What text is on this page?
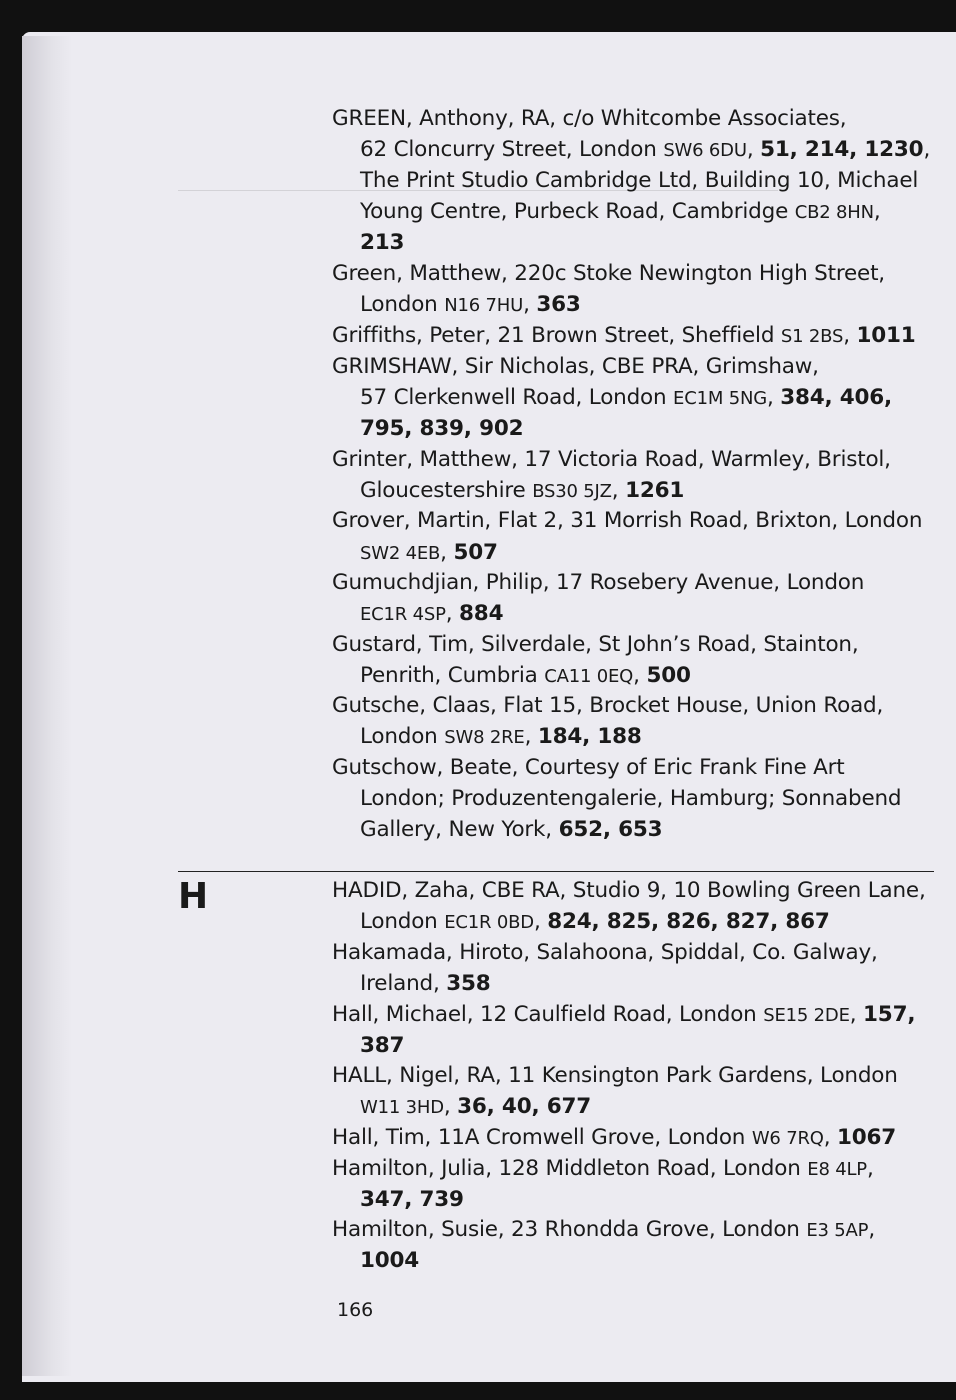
GREEN, Anthony, RA, c/o Whitcombe Associates,
62 Cloncurry Street, London SW6 6DU, 51, 214, 1230,
The Print Studio Cambridge Ltd, Building 10, Michael
Young Centre, Purbeck Road, Cambridge CB2 8HN,
213
Green, Matthew, 220c Stoke Newington High Street,
London N16 7HU, 363
Griffiths, Peter, 21 Brown Street, Sheffield S1 2BS, 1011
GRIMSHAW, Sir Nicholas, CBE PRA, Grimshaw,
57 Clerkenwell Road, London EC1M 5NG, 384, 406,
795, 839, 902
Grinter, Matthew, 17 Victoria Road, Warmley, Bristol,
Gloucestershire BS30 5JZ, 1261
Grover, Martin, Flat 2, 31 Morrish Road, Brixton, London
SW2 4EB, 507
Gumuchdjian, Philip, 17 Rosebery Avenue, London
EC1R 4SP, 884
Gustard, Tim, Silverdale, St John’s Road, Stainton,
Penrith, Cumbria CA11 0EQ, 500
Gutsche, Claas, Flat 15, Brocket House, Union Road,
London SW8 2RE, 184, 188
Gutschow, Beate, Courtesy of Eric Frank Fine Art
London; Produzentengalerie, Hamburg; Sonnabend
Gallery, New York, 652, 653
HADID, Zaha, CBE RA, Studio 9, 10 Bowling Green Lane,
London EC1R 0BD, 824, 825, 826, 827, 867
Hakamada, Hiroto, Salahoona, Spiddal, Co. Galway,
Ireland, 358
Hall, Michael, 12 Caulfield Road, London SE15 2DE, 157,
387
HALL, Nigel, RA, 11 Kensington Park Gardens, London
W11 3HD, 36, 40, 677
Hall, Tim, 11A Cromwell Grove, London W6 7RQ, 1067
Hamilton, Julia, 128 Middleton Road, London E8 4LP,
347, 739
Hamilton, Susie, 23 Rhondda Grove, London E3 5AP,
1004
H
166
